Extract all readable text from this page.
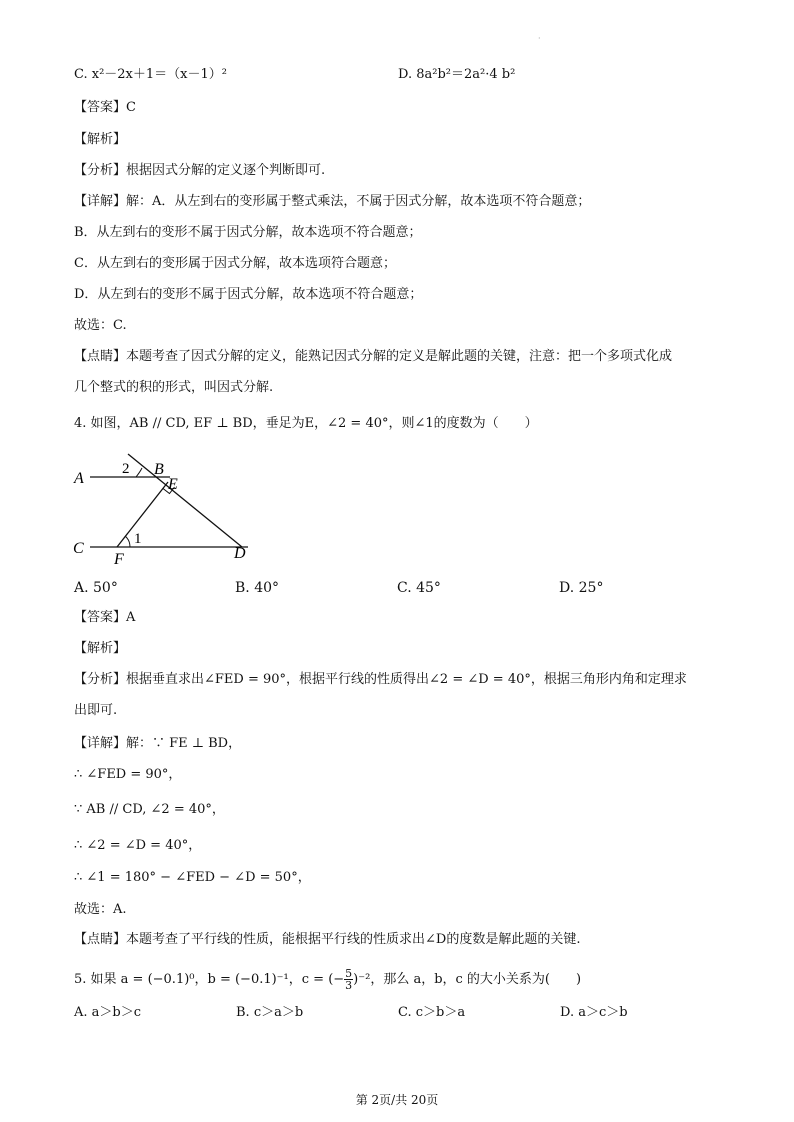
·
C. x²－2x＋1＝（x－1）²	D. 8a²b²＝2a²·4 b²
【答案】C
【解析】
【分析】根据因式分解的定义逐个判断即可.
【详解】解：A．从左到右的变形属于整式乘法，不属于因式分解，故本选项不符合题意；
B．从左到右的变形不属于因式分解，故本选项不符合题意；
C．从左到右的变形属于因式分解，故本选项符合题意；
D．从左到右的变形不属于因式分解，故本选项不符合题意；
故选：C.
【点睛】本题考查了因式分解的定义，能熟记因式分解的定义是解此题的关键，注意：把一个多项式化成
几个整式的积的形式，叫因式分解.
4. 如图，AB // CD, EF ⊥ BD，垂足为E，∠2 = 40°，则∠1的度数为（　　）
A
2 B
E
1
C
F	D
A. 50°	B. 40°	C. 45°	D. 25°
【答案】A
【解析】
【分析】根据垂直求出∠FED = 90°，根据平行线的性质得出∠2 = ∠D = 40°，根据三角形内角和定理求
出即可.
【详解】解：∵ FE ⊥ BD，
∴ ∠FED = 90°，
∵ AB // CD, ∠2 = 40°，
∴ ∠2 = ∠D = 40°，
∴ ∠1 = 180° − ∠FED − ∠D = 50°，
故选：A.
【点睛】本题考查了平行线的性质，能根据平行线的性质求出∠D的度数是解此题的关键.
5. 如果 a = (−0.1)⁰，b = (−0.1)⁻¹，c = (− $\frac{5}{3} )^{-2}$，那么 a，b，c 的大小关系为(　　)
A. a＞b＞c	B. c＞a＞b	C. c＞b＞a	D. a＞c＞b
第 2页/共 20页
